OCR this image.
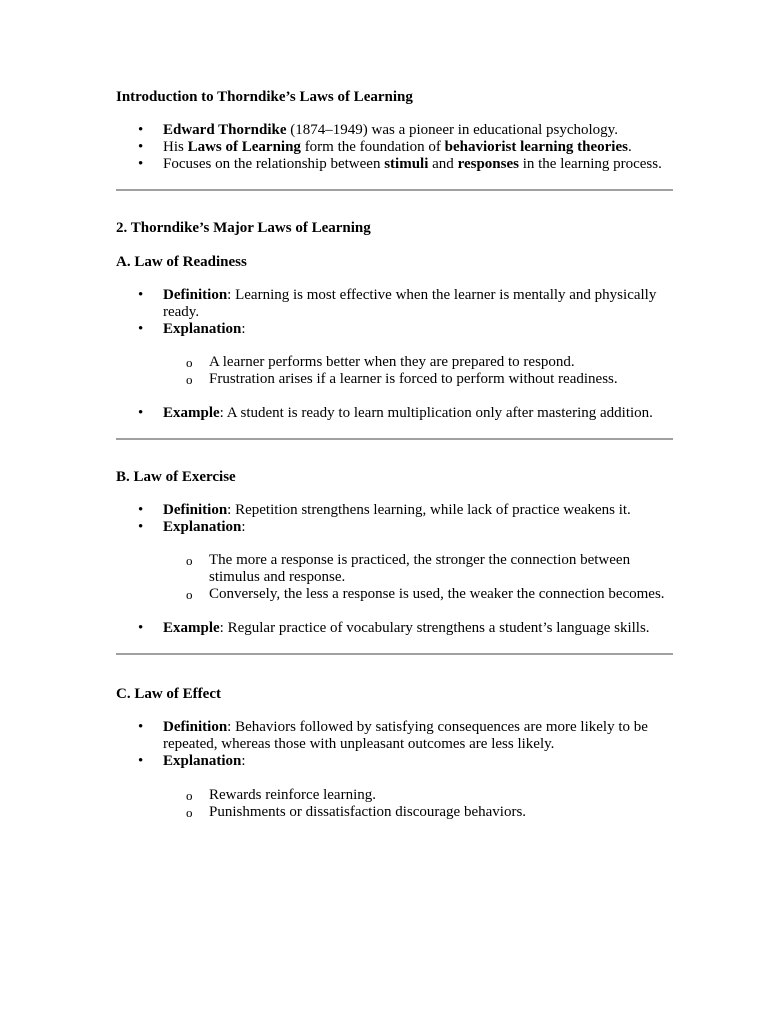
Introduction to Thorndike’s Laws of Learning
• Edward Thorndike (1874–1949) was a pioneer in educational psychology.
• His Laws of Learning form the foundation of behaviorist learning theories.
• Focuses on the relationship between stimuli and responses in the learning process.
2. Thorndike’s Major Laws of Learning
A. Law of Readiness
• Definition: Learning is most effective when the learner is mentally and physically ready.
• Explanation:
o A learner performs better when they are prepared to respond.
o Frustration arises if a learner is forced to perform without readiness.
• Example: A student is ready to learn multiplication only after mastering addition.
B. Law of Exercise
• Definition: Repetition strengthens learning, while lack of practice weakens it.
• Explanation:
o The more a response is practiced, the stronger the connection between stimulus and response.
o Conversely, the less a response is used, the weaker the connection becomes.
• Example: Regular practice of vocabulary strengthens a student’s language skills.
C. Law of Effect
• Definition: Behaviors followed by satisfying consequences are more likely to be repeated, whereas those with unpleasant outcomes are less likely.
• Explanation:
o Rewards reinforce learning.
o Punishments or dissatisfaction discourage behaviors.
